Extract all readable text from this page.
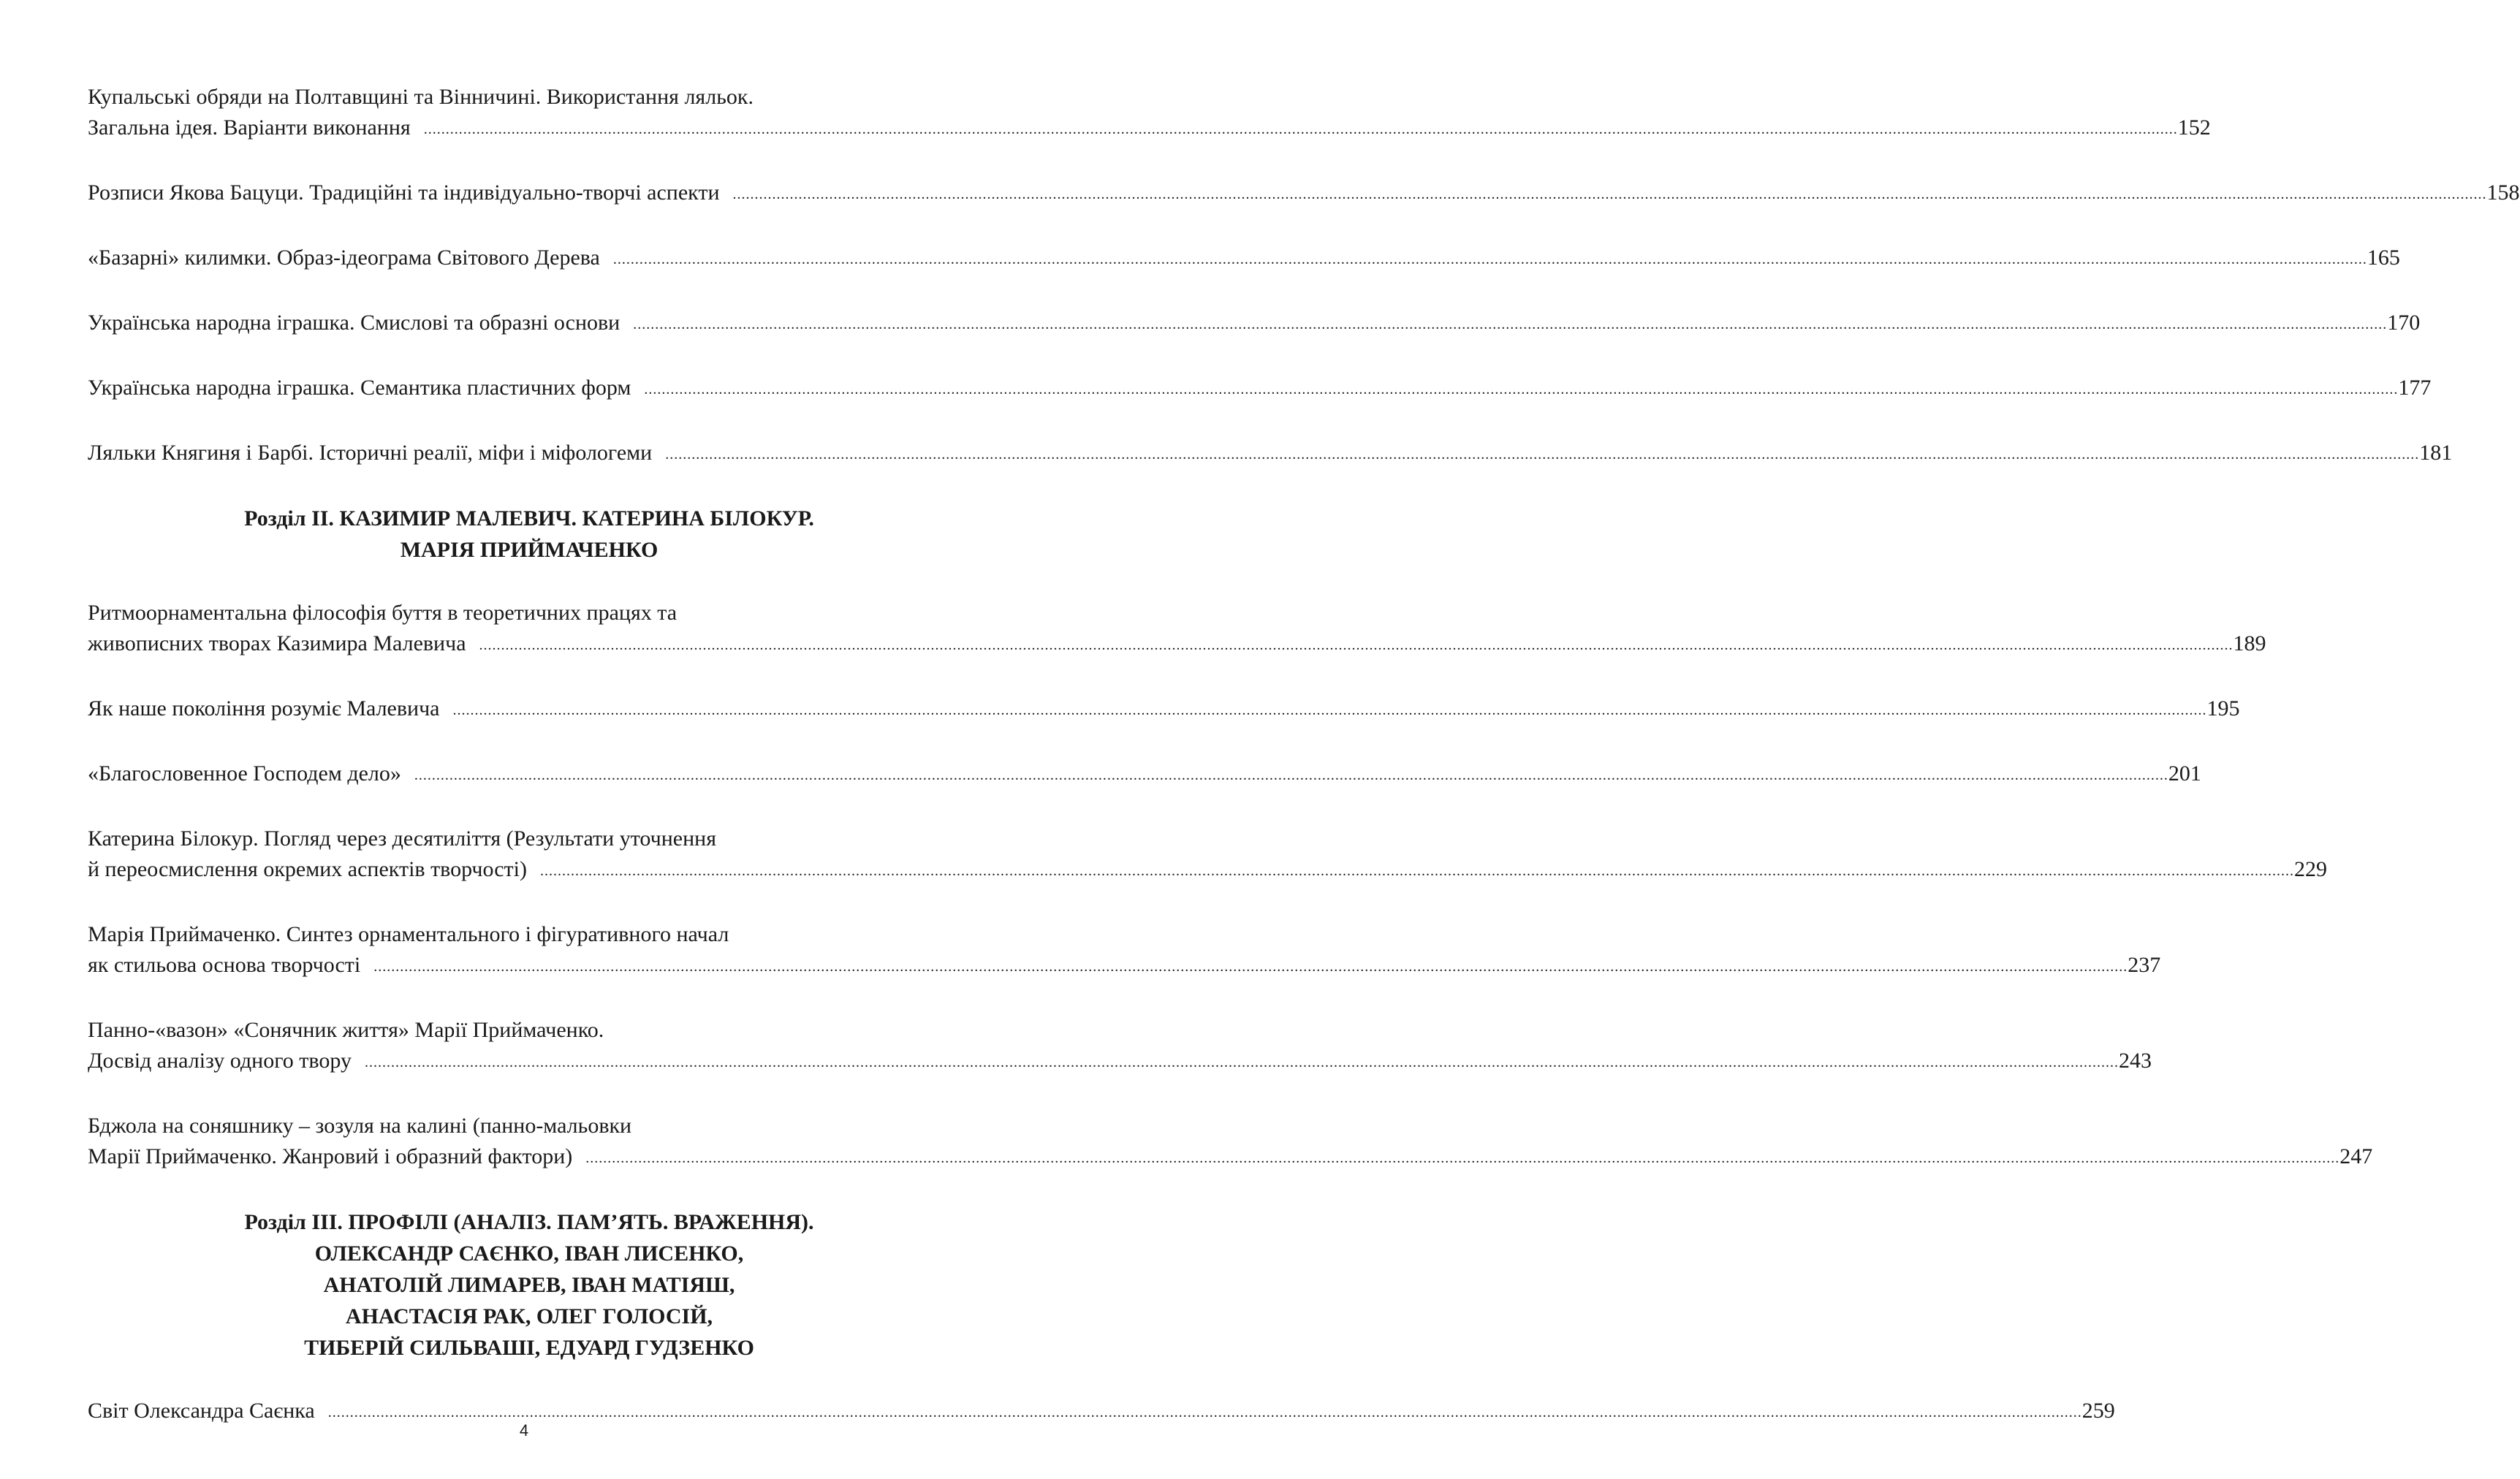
Купальські обряди на Полтавщині та Вінничині. Використання ляльок.
Загальна ідея. Варіанти виконання ................................................................................................................................................................................................................................................................................................................................................................................................................ 152
Розписи Якова Бацуци. Традиційні та індивідуально-творчі аспекти ................................................................................................................................................................................................................................................................................................................................................................................................................ 158
«Базарні» килимки. Образ-ідеограма Світового Дерева ................................................................................................................................................................................................................................................................................................................................................................................................................ 165
Українська народна іграшка. Смислові та образні основи ................................................................................................................................................................................................................................................................................................................................................................................................................ 170
Українська народна іграшка. Семантика пластичних форм ................................................................................................................................................................................................................................................................................................................................................................................................................ 177
Ляльки Княгиня і Барбі. Історичні реалії, міфи і міфологеми ................................................................................................................................................................................................................................................................................................................................................................................................................ 181
Розділ ІІ. КАЗИМИР МАЛЕВИЧ. КАТЕРИНА БІЛОКУР.
МАРІЯ ПРИЙМАЧЕНКО
Ритмоорнаментальна філософія буття в теоретичних працях та
живописних творах Казимира Малевича ................................................................................................................................................................................................................................................................................................................................................................................................................ 189
Як наше покоління розуміє Малевича ................................................................................................................................................................................................................................................................................................................................................................................................................ 195
«Благословенное Господем дело» ................................................................................................................................................................................................................................................................................................................................................................................................................ 201
Катерина Білокур. Погляд через десятиліття (Результати уточнення
й переосмислення окремих аспектів творчості) ................................................................................................................................................................................................................................................................................................................................................................................................................ 229
Марія Приймаченко. Синтез орнаментального і фігуративного начал
як стильова основа творчості ................................................................................................................................................................................................................................................................................................................................................................................................................ 237
Панно-«вазон» «Сонячник життя» Марії Приймаченко.
Досвід аналізу одного твору ................................................................................................................................................................................................................................................................................................................................................................................................................ 243
Бджола на соняшнику – зозуля на калині (панно-мальовки
Марії Приймаченко. Жанровий і образний фактори) ................................................................................................................................................................................................................................................................................................................................................................................................................ 247
Розділ ІІІ. ПРОФІЛІ (АНАЛІЗ. ПАМ’ЯТЬ. ВРАЖЕННЯ).
ОЛЕКСАНДР САЄНКО, ІВАН ЛИСЕНКО,
АНАТОЛІЙ ЛИМАРЕВ, ІВАН МАТІЯШ,
АНАСТАСІЯ РАК, ОЛЕГ ГОЛОСІЙ,
ТИБЕРІЙ СИЛЬВАШІ, ЕДУАРД ГУДЗЕНКО
Світ Олександра Саєнка ................................................................................................................................................................................................................................................................................................................................................................................................................ 259
4
